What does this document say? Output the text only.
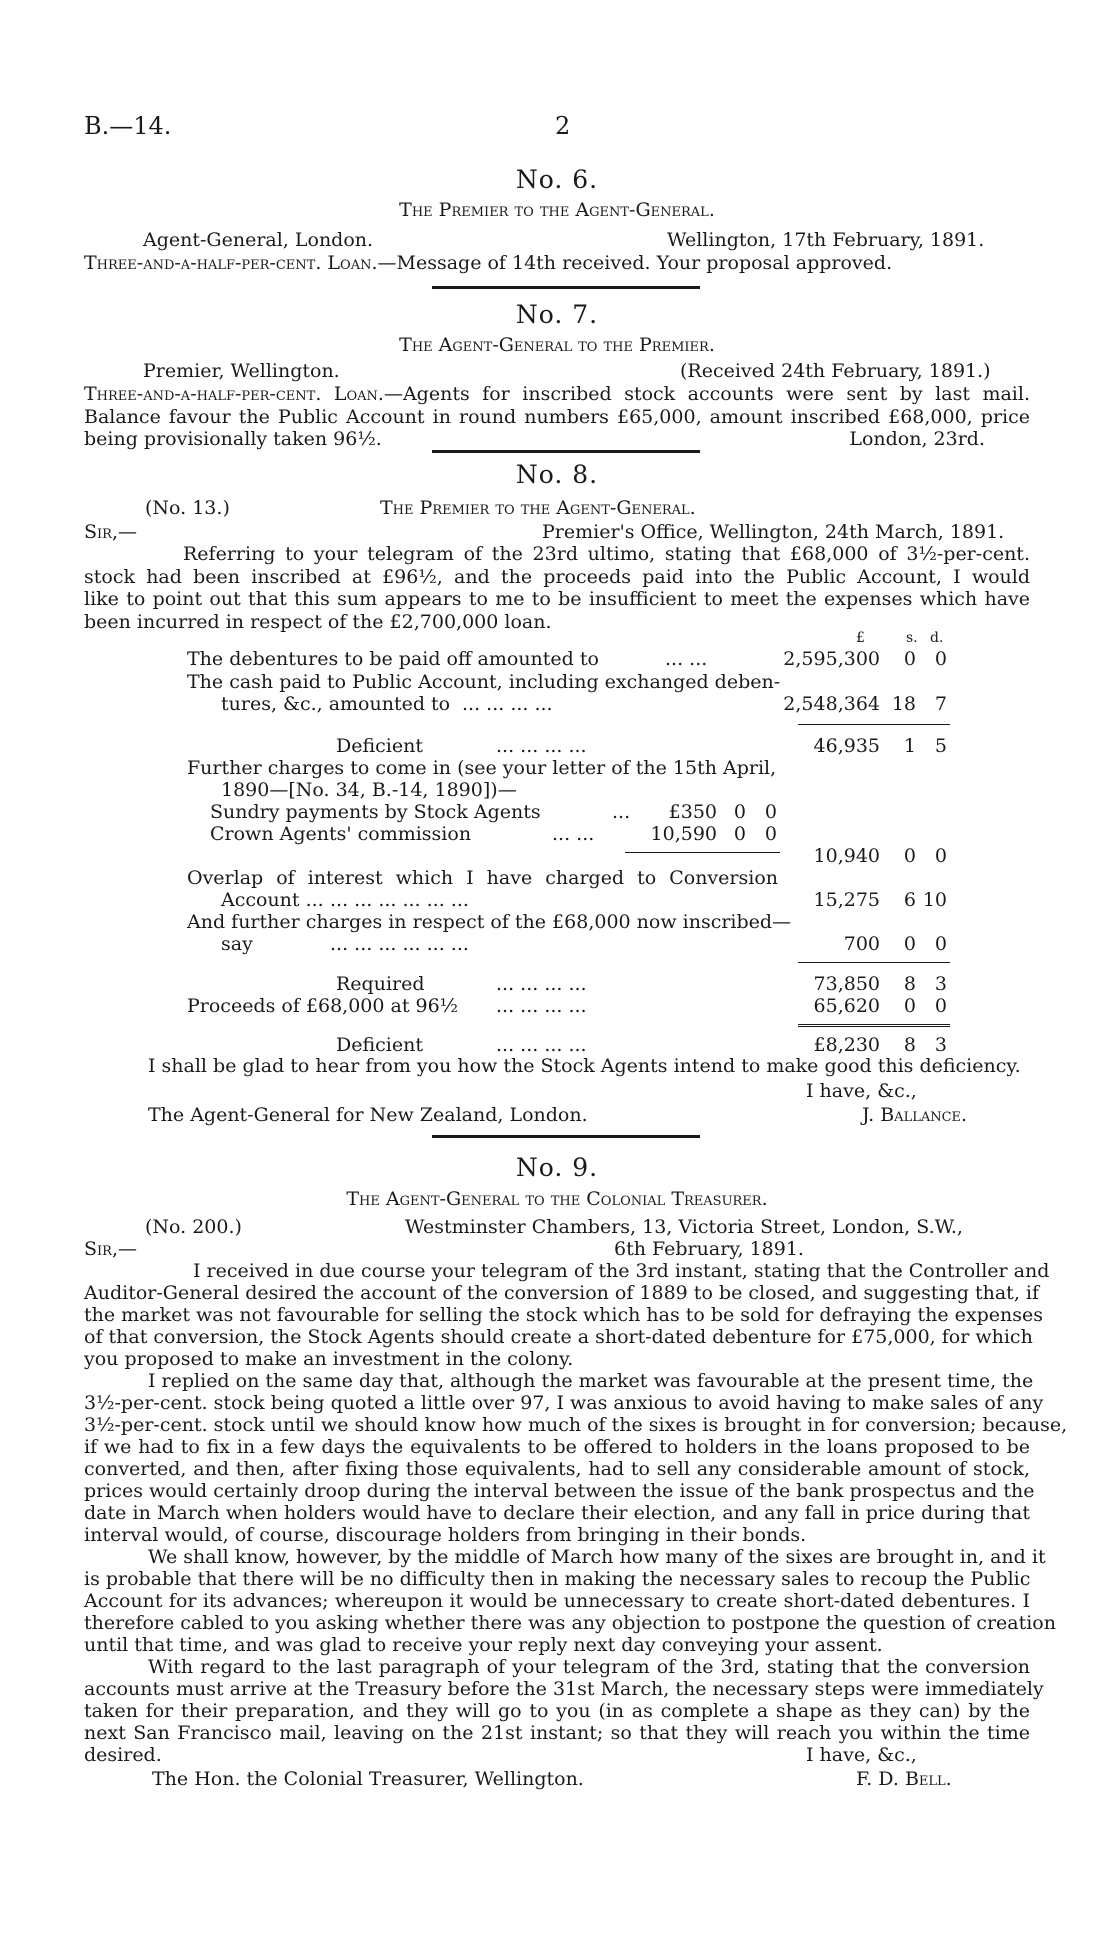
B.—14.	2
No. 6.
The Premier to the Agent-General.
Agent-General, London.	Wellington, 17th February, 1891.
Three-and-a-half-per-cent. Loan.—Message of 14th received. Your proposal approved.
No. 7.
The Agent-General to the Premier.
Premier, Wellington.	(Received 24th February, 1891.)
Three-and-a-half-per-cent. Loan.—Agents for inscribed stock accounts were sent by last mail.
Balance favour the Public Account in round numbers £65,000, amount inscribed £68,000, price
being provisionally taken 96½.	London, 23rd.
No. 8.
(No. 13.)	The Premier to the Agent-General.
Sir,—	Premier's Office, Wellington, 24th March, 1891.
Referring to your telegram of the 23rd ultimo, stating that £68,000 of 3½-per-cent.
stock had been inscribed at £96½, and the proceeds paid into the Public Account, I would
like to point out that this sum appears to me to be insufficient to meet the expenses which have
been incurred in respect of the £2,700,000 loan.
£	s. d.
The debentures to be paid off amounted to	... ...	2,595,300	0 0
The cash paid to Public Account, including exchanged deben-
tures, &c., amounted to ... ... ... ...	2,548,364 18 7
Deficient	... ... ... ...	46,935	1 5
Further charges to come in (see your letter of the 15th April,
1890—[No. 34, B.-14, 1890])—
Sundry payments by Stock Agents	...	£350 0 0
Crown Agents' commission	... ...	10,590 0 0
10,940	0 0
Overlap of interest which I have charged to Conversion
Account ... ... ... ... ... ... ...	15,275	6 10
And further charges in respect of the £68,000 now inscribed—
say	... ... ... ... ... ...	700	0 0
Required	... ... ... ...	73,850	8 3
Proceeds of £68,000 at 96½ ... ... ... ...	65,620	0 0
Deficient	... ... ... ...	£8,230	8 3
I shall be glad to hear from you how the Stock Agents intend to make good this deficiency.
I have, &c.,
The Agent-General for New Zealand, London.	J. Ballance.
No. 9.
The Agent-General to the Colonial Treasurer.
(No. 200.)	Westminster Chambers, 13, Victoria Street, London, S.W.,
Sir,—	6th February, 1891.
I received in due course your telegram of the 3rd instant, stating that the Controller and
Auditor-General desired the account of the conversion of 1889 to be closed, and suggesting that, if
the market was not favourable for selling the stock which has to be sold for defraying the expenses
of that conversion, the Stock Agents should create a short-dated debenture for £75,000, for which
you proposed to make an investment in the colony.
I replied on the same day that, although the market was favourable at the present time, the
3½-per-cent. stock being quoted a little over 97, I was anxious to avoid having to make sales of any
3½-per-cent. stock until we should know how much of the sixes is brought in for conversion; because,
if we had to fix in a few days the equivalents to be offered to holders in the loans proposed to be
converted, and then, after fixing those equivalents, had to sell any considerable amount of stock,
prices would certainly droop during the interval between the issue of the bank prospectus and the
date in March when holders would have to declare their election, and any fall in price during that
interval would, of course, discourage holders from bringing in their bonds.
We shall know, however, by the middle of March how many of the sixes are brought in, and it
is probable that there will be no difficulty then in making the necessary sales to recoup the Public
Account for its advances; whereupon it would be unnecessary to create short-dated debentures. I
therefore cabled to you asking whether there was any objection to postpone the question of creation
until that time, and was glad to receive your reply next day conveying your assent.
With regard to the last paragraph of your telegram of the 3rd, stating that the conversion
accounts must arrive at the Treasury before the 31st March, the necessary steps were immediately
taken for their preparation, and they will go to you (in as complete a shape as they can) by the
next San Francisco mail, leaving on the 21st instant; so that they will reach you within the time
desired.	I have, &c.,
The Hon. the Colonial Treasurer, Wellington.	F. D. Bell.
